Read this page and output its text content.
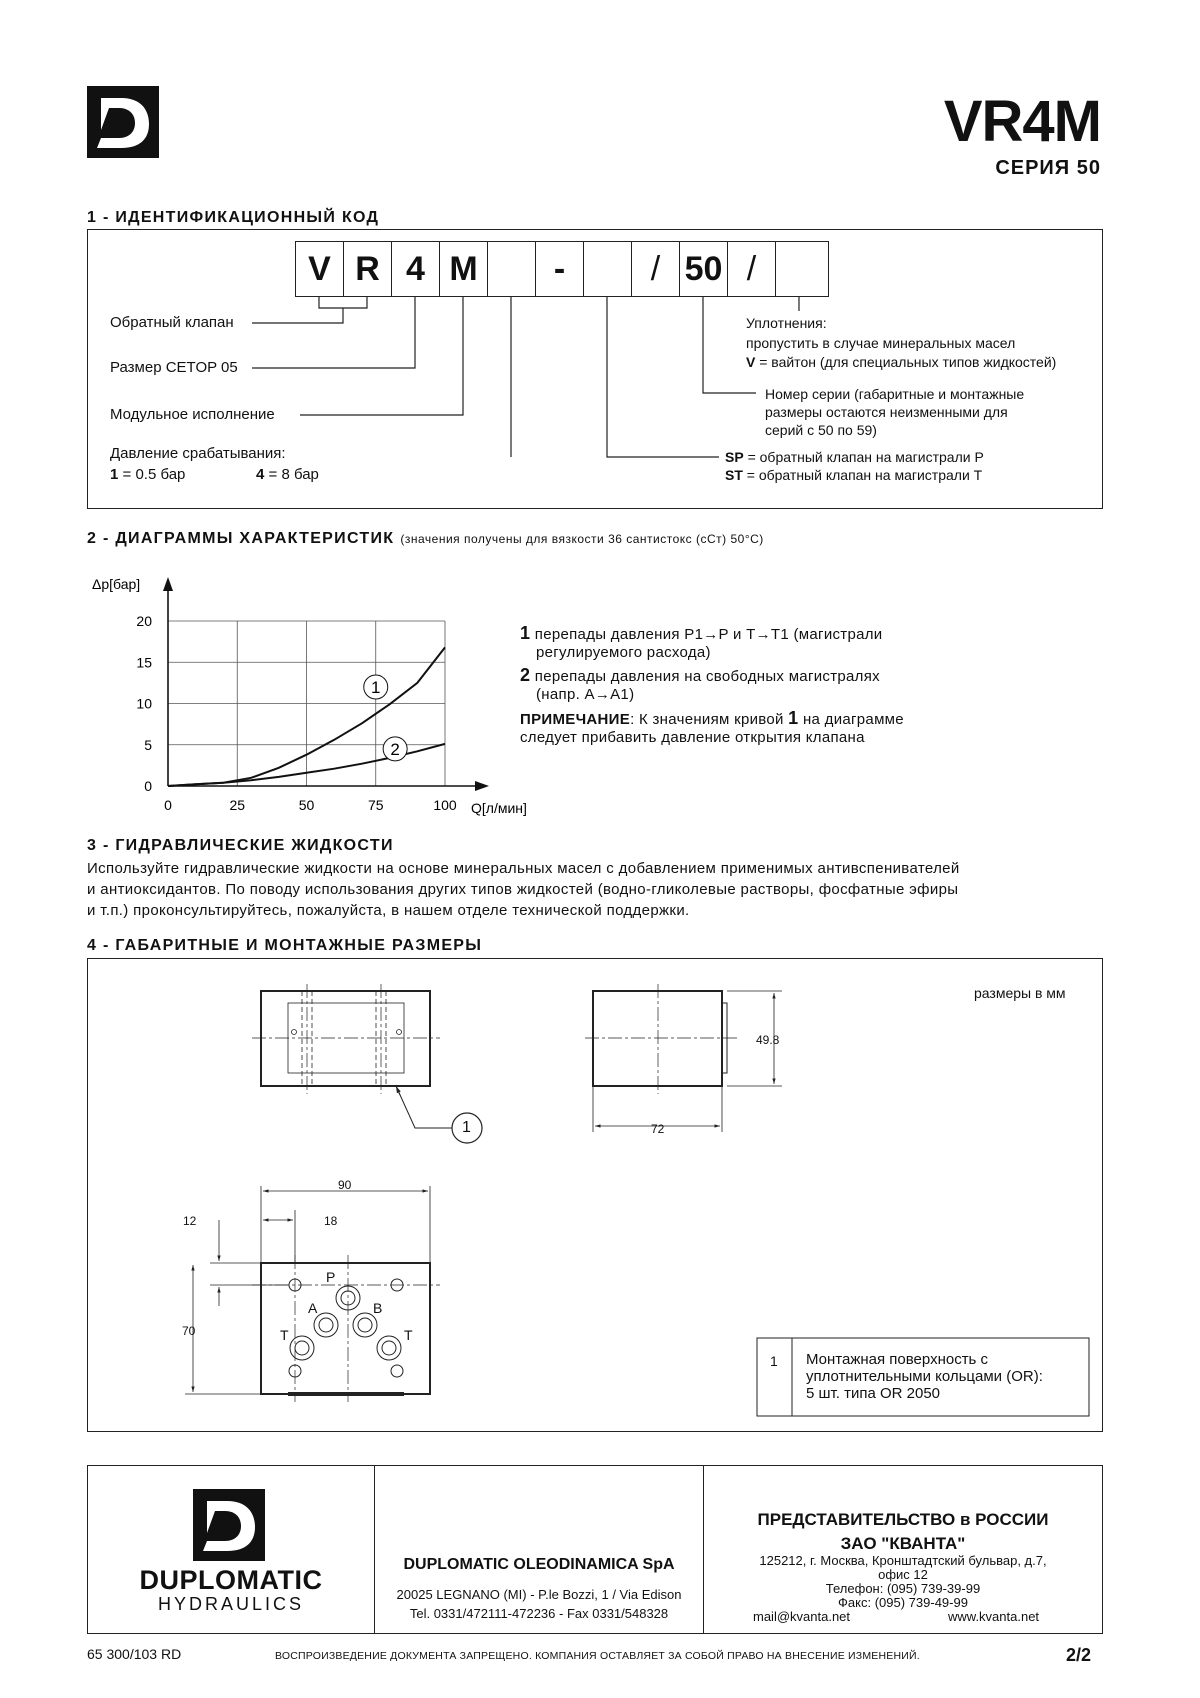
VR4M
СЕРИЯ 50
1 - ИДЕНТИФИКАЦИОННЫЙ КОД
V R 4 M	-	/ 50 /
Обратный клапан
Размер CETOP 05
Модульное исполнение
Давление срабатывания:
1 = 0.5 бар	4 = 8 бар
Уплотнения:
пропустить в случае минеральных масел
V = вайтон (для специальных типов жидкостей)
Номер серии (габаритные и монтажные
размеры остаются неизменными для
серий с 50 по 59)
SP = обратный клапан на магистрали P
ST = обратный клапан на магистрали T
2 - ДИАГРАММЫ ХАРАКТЕРИСТИК (значения получены для вязкости 36 сантистокс (сСт) 50°С)
0
5
10
15
20
0	25	50	75	100
Δp[бар]
Q[л/мин]
1
2
1 перепады давления P1→P и T→T1 (магистрали
регулируемого расхода)
2 перепады давления на свободных магистралях
(напр. A→A1)
ПРИМЕЧАНИЕ: К значениям кривой 1 на диаграмме
следует прибавить давление открытия клапана
3 - ГИДРАВЛИЧЕСКИЕ ЖИДКОСТИ
Используйте гидравлические жидкости на основе минеральных масел с добавлением применимых антивспенивателей
и антиоксидантов. По поводу использования других типов жидкостей (водно-гликолевые растворы, фосфатные эфиры
и т.п.) проконсультируйтесь, пожалуйста, в нашем отделе технической поддержки.
4 - ГАБАРИТНЫЕ И МОНТАЖНЫЕ РАЗМЕРЫ
размеры в мм
1
49.8
72
90
12	18
70
P
A	B
T	T
1 Монтажная поверхность с
уплотнительными кольцами (OR):
5 шт. типа OR 2050
DUPLOMATIC
HYDRAULICS
DUPLOMATIC OLEODINAMICA SpA
20025 LEGNANO (MI) - P.le Bozzi, 1 / Via Edison
Tel. 0331/472111-472236 - Fax 0331/548328
ПРЕДСТАВИТЕЛЬСТВО в РОССИИ
ЗАО "КВАНТА"
125212, г. Москва, Кронштадтский бульвар, д.7,
офис 12
Телефон: (095) 739-39-99
Факс: (095) 739-49-99
mail@kvanta.net	www.kvanta.net
65 300/103 RD	ВОСПРОИЗВЕДЕНИЕ ДОКУМЕНТА ЗАПРЕЩЕНО. КОМПАНИЯ ОСТАВЛЯЕТ ЗА СОБОЙ ПРАВО НА ВНЕСЕНИЕ ИЗМЕНЕНИЙ.	2/2
